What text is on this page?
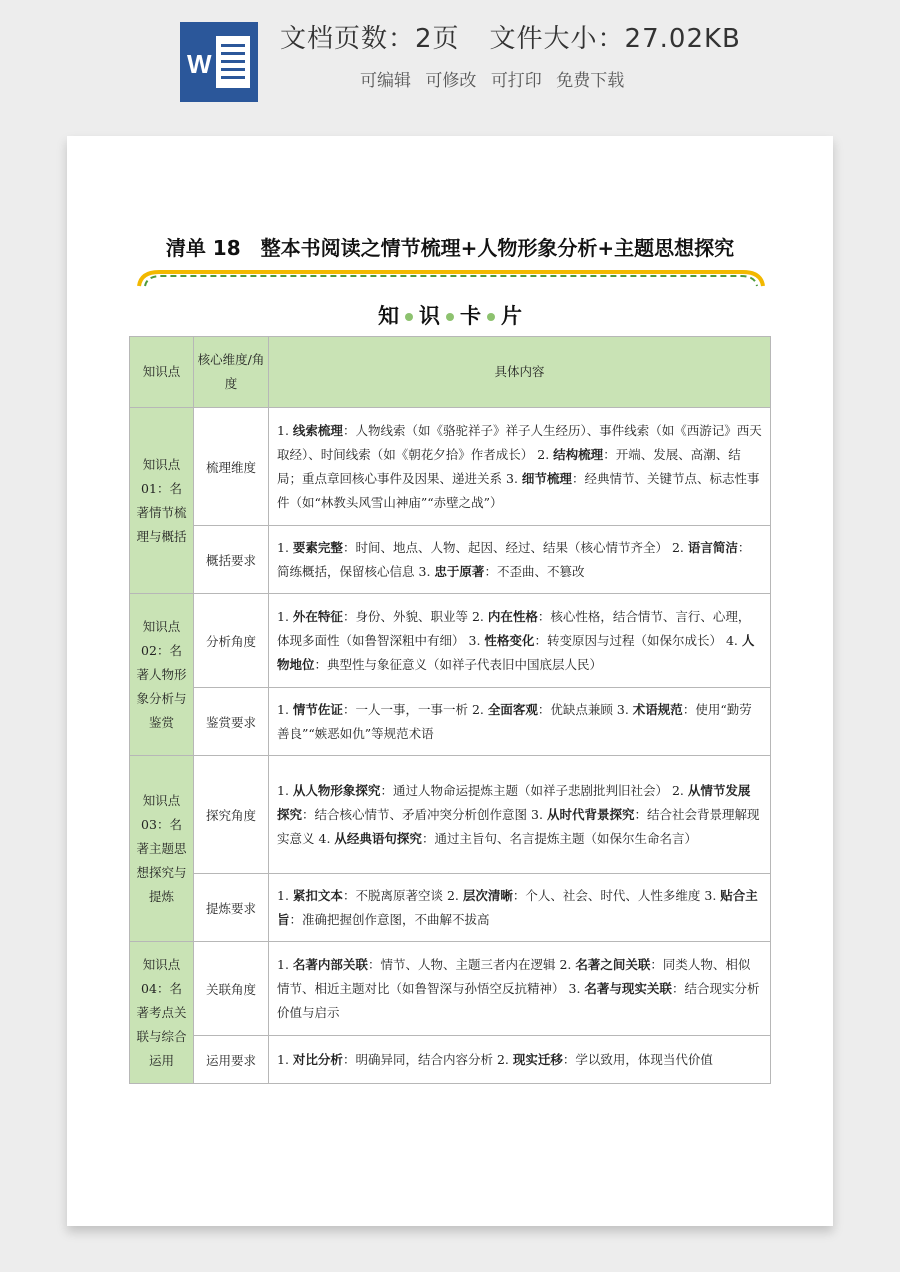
W
文档页数：2页 文件大小：27.02KB
可编辑 可修改 可打印 免费下载
清单 18　整本书阅读之情节梳理+人物形象分析+主题思想探究
知 识 卡 片
知识点	核心维度/角度	具体内容
知识点01：名著情节梳理与概括	梳理维度	1. 线索梳理：人物线索（如《骆驼祥子》祥子人生经历）、事件线索（如《西游记》西天取经）、时间线索（如《朝花夕拾》作者成长） 2. 结构梳理：开端、发展、高潮、结局；重点章回核心事件及因果、递进关系 3. 细节梳理：经典情节、关键节点、标志性事件（如“林教头风雪山神庙”“赤壁之战”）
	概括要求	1. 要素完整：时间、地点、人物、起因、经过、结果（核心情节齐全） 2. 语言简洁：简练概括，保留核心信息 3. 忠于原著：不歪曲、不篡改
知识点02：名著人物形象分析与鉴赏	分析角度	1. 外在特征：身份、外貌、职业等 2. 内在性格：核心性格，结合情节、言行、心理，体现多面性（如鲁智深粗中有细） 3. 性格变化：转变原因与过程（如保尔成长） 4. 人物地位：典型性与象征意义（如祥子代表旧中国底层人民）
	鉴赏要求	1. 情节佐证：一人一事，一事一析 2. 全面客观：优缺点兼顾 3. 术语规范：使用“勤劳善良”“嫉恶如仇”等规范术语
知识点03：名著主题思想探究与提炼	探究角度	1. 从人物形象探究：通过人物命运提炼主题（如祥子悲剧批判旧社会） 2. 从情节发展探究：结合核心情节、矛盾冲突分析创作意图 3. 从时代背景探究：结合社会背景理解现实意义 4. 从经典语句探究：通过主旨句、名言提炼主题（如保尔生命名言）
	提炼要求	1. 紧扣文本：不脱离原著空谈 2. 层次清晰：个人、社会、时代、人性多维度 3. 贴合主旨：准确把握创作意图，不曲解不拔高
知识点04：名著考点关联与综合运用	关联角度	1. 名著内部关联：情节、人物、主题三者内在逻辑 2. 名著之间关联：同类人物、相似情节、相近主题对比（如鲁智深与孙悟空反抗精神） 3. 名著与现实关联：结合现实分析价值与启示
	运用要求	1. 对比分析：明确异同，结合内容分析 2. 现实迁移：学以致用，体现当代价值
